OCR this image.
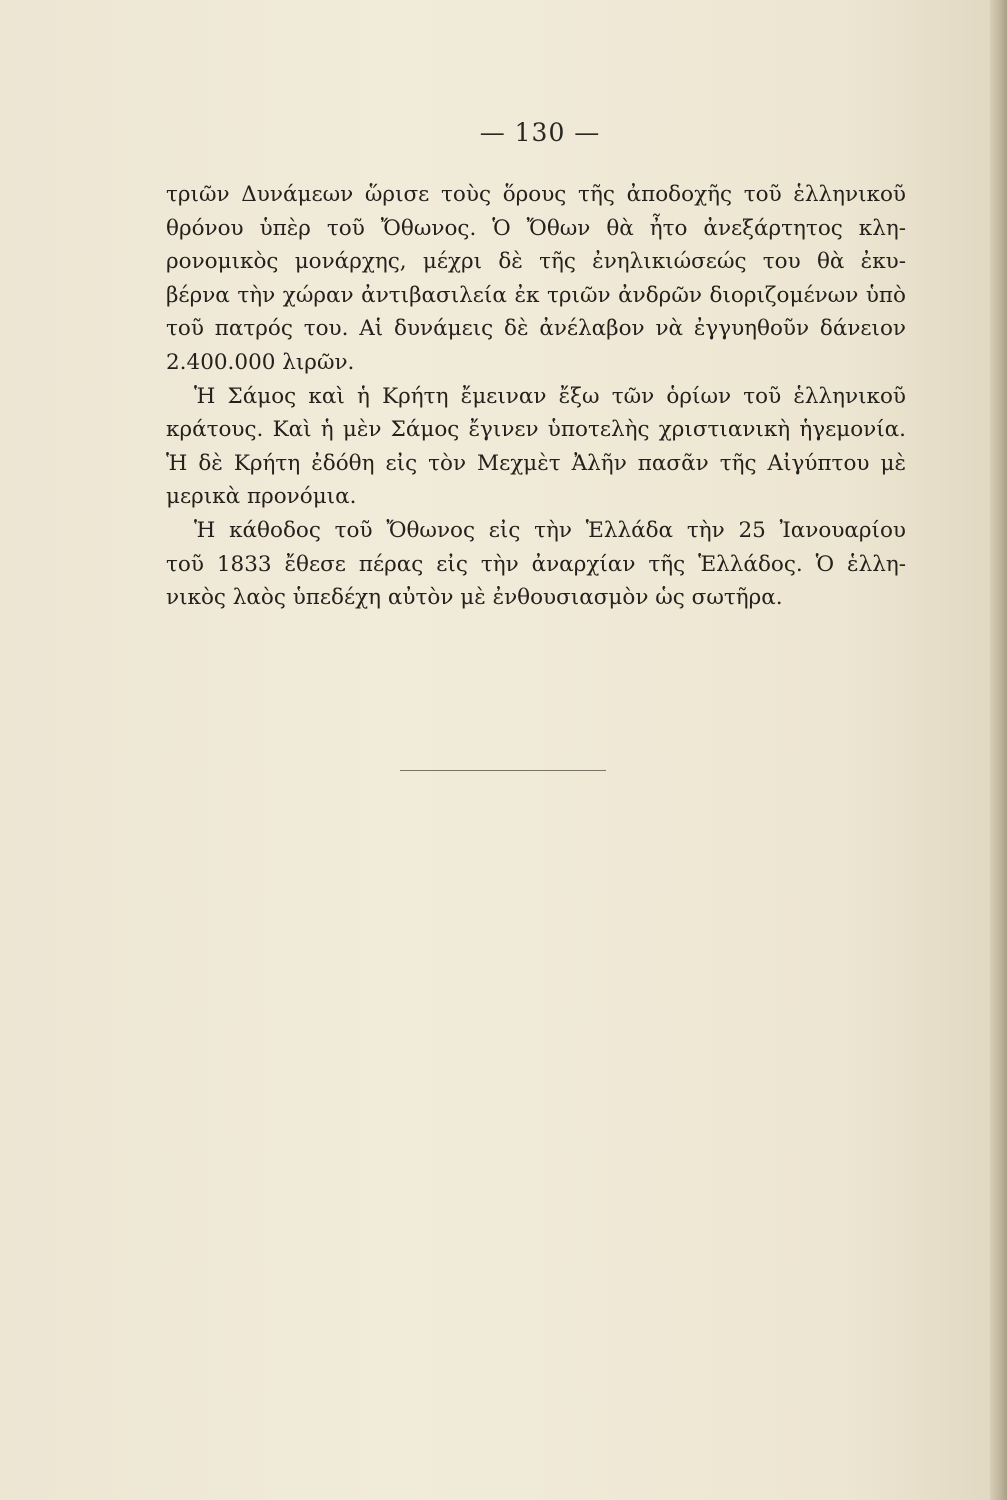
— 130 —
τριῶν Δυνάμεων ὥρισε τοὺς ὅρους τῆς ἀποδοχῆς τοῦ ἑλληνικοῦ
θρόνου ὑπὲρ τοῦ Ὄθωνος. Ὁ Ὄθων θὰ ἦτο ἀνεξάρτητος κλη-
ρονομικὸς μονάρχης, μέχρι δὲ τῆς ἐνηλικιώσεώς του θὰ ἐκυ-
βέρνα τὴν χώραν ἀντιβασιλεία ἐκ τριῶν ἀνδρῶν διοριζομένων ὑπὸ
τοῦ πατρός του. Αἱ δυνάμεις δὲ ἀνέλαβον νὰ ἐγγυηθοῦν δάνειον
2.400.000 λιρῶν.
Ἡ Σάμος καὶ ἡ Κρήτη ἔμειναν ἔξω τῶν ὁρίων τοῦ ἑλληνικοῦ
κράτους. Καὶ ἡ μὲν Σάμος ἔγινεν ὑποτελὴς χριστιανικὴ ἡγεμονία.
Ἡ δὲ Κρήτη ἐδόθη εἰς τὸν Μεχμὲτ Ἀλῆν πασᾶν τῆς Αἰγύπτου μὲ
μερικὰ προνόμια.
Ἡ κάθοδος τοῦ Ὄθωνος εἰς τὴν Ἑλλάδα τὴν 25 Ἰανουαρίου
τοῦ 1833 ἔθεσε πέρας εἰς τὴν ἀναρχίαν τῆς Ἑλλάδος. Ὁ ἑλλη-
νικὸς λαὸς ὑπεδέχη αὐτὸν μὲ ἐνθουσιασμὸν ὡς σωτῆρα.
